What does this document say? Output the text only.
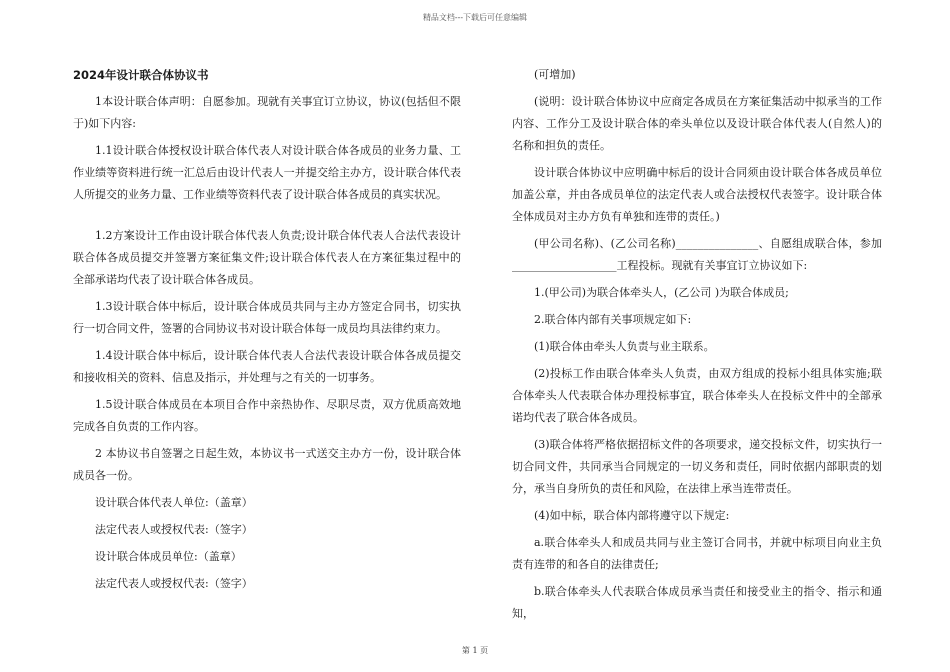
精品文档---下载后可任意编辑
2024年设计联合体协议书

1本设计联合体声明：自愿参加。现就有关事宜订立协议，协议(包括但不限于)如下内容:

1.1设计联合体授权设计联合体代表人对设计联合体各成员的业务力量、工作业绩等资料进行统一汇总后由设计代表人一并提交给主办方，设计联合体代表人所提交的业务力量、工作业绩等资料代表了设计联合体各成员的真实状况。

1.2方案设计工作由设计联合体代表人负责;设计联合体代表人合法代表设计联合体各成员提交并签署方案征集文件;设计联合体代表人在方案征集过程中的全部承诺均代表了设计联合体各成员。

1.3设计联合体中标后，设计联合体成员共同与主办方签定合同书，切实执行一切合同文件，签署的合同协议书对设计联合体每一成员均具法律约束力。

1.4设计联合体中标后，设计联合体代表人合法代表设计联合体各成员提交和接收相关的资料、信息及指示，并处理与之有关的一切事务。

1.5设计联合体成员在本项目合作中亲热协作、尽职尽责，双方优质高效地完成各自负责的工作内容。

2 本协议书自签署之日起生效，本协议书一式送交主办方一份，设计联合体成员各一份。

设计联合体代表人单位:（盖章）

法定代表人或授权代表:（签字）

设计联合体成员单位:（盖章）

法定代表人或授权代表:（签字）

(可增加)

(说明：设计联合体协议中应商定各成员在方案征集活动中拟承当的工作内容、工作分工及设计联合体的牵头单位以及设计联合体代表人(自然人)的名称和担负的责任。

设计联合体协议中应明确中标后的设计合同须由设计联合体各成员单位加盖公章，并由各成员单位的法定代表人或合法授权代表签字。设计联合体全体成员对主办方负有单独和连带的责任。)

(甲公司名称)、(乙公司名称)_______________、自愿组成联合体，参加___________________工程投标。现就有关事宜订立协议如下:

1.(甲公司)为联合体牵头人，(乙公司 )为联合体成员;

2.联合体内部有关事项规定如下:

(1)联合体由牵头人负责与业主联系。

(2)投标工作由联合体牵头人负责，由双方组成的投标小组具体实施;联合体牵头人代表联合体办理投标事宜，联合体牵头人在投标文件中的全部承诺均代表了联合体各成员。

(3)联合体将严格依据招标文件的各项要求，递交投标文件，切实执行一切合同文件，共同承当合同规定的一切义务和责任，同时依据内部职责的划分，承当自身所负的责任和风险，在法律上承当连带责任。

(4)如中标，联合体内部将遵守以下规定:

a.联合体牵头人和成员共同与业主签订合同书，并就中标项目向业主负责有连带的和各自的法律责任;

b.联合体牵头人代表联合体成员承当责任和接受业主的指令、指示和通知，

第 1 页
